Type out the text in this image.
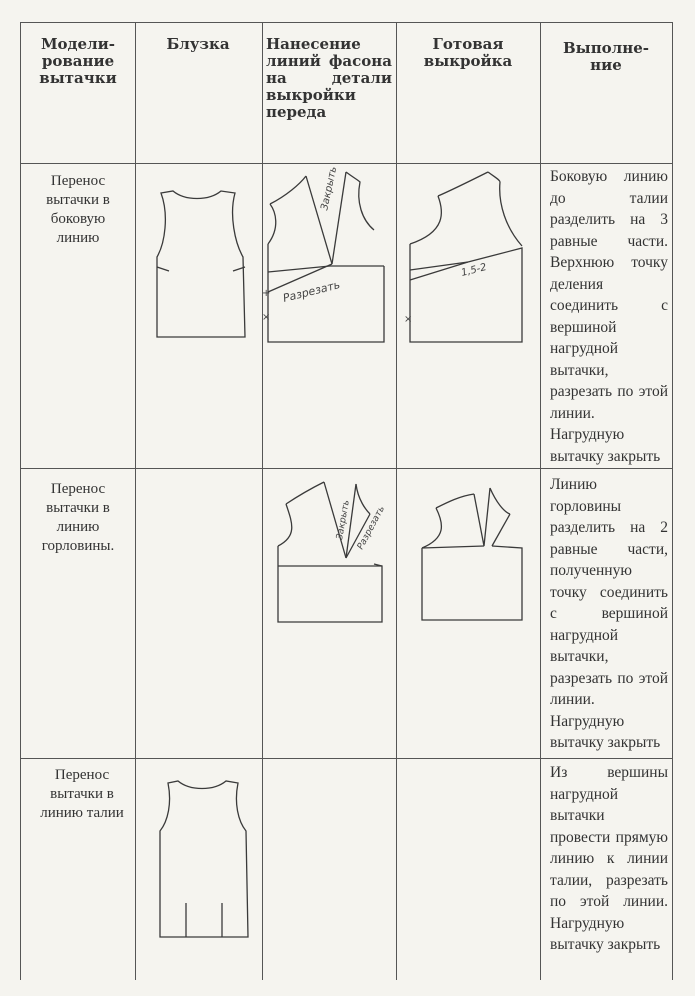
Модели-рование вытачки
Блузка	Нанесение линий фасона на детали выкройки переда
Готовая выкройка
Выполне-ние
Перенос вытачки в боковую линию
Боковую линию до талии разделить на 3 равные части. Верхнюю точку деления соединить с вершиной нагрудной вытачки, разрезать по этой линии. Нагрудную вытачку закрыть
Перенос вытачки в линию горловины.
Линию горловины разделить на 2 равные части, полученную точку соединить с вершиной нагрудной вытачки, разрезать по этой линии. Нагрудную вытачку закрыть
Перенос вытачки в линию талии
Из вершины нагрудной вытачки провести прямую линию к линии талии, разрезать по этой линии. Нагрудную вытачку закрыть
Закрыть
Разрезать
+
×
1,5-2
×
Закрыть Разрезать
